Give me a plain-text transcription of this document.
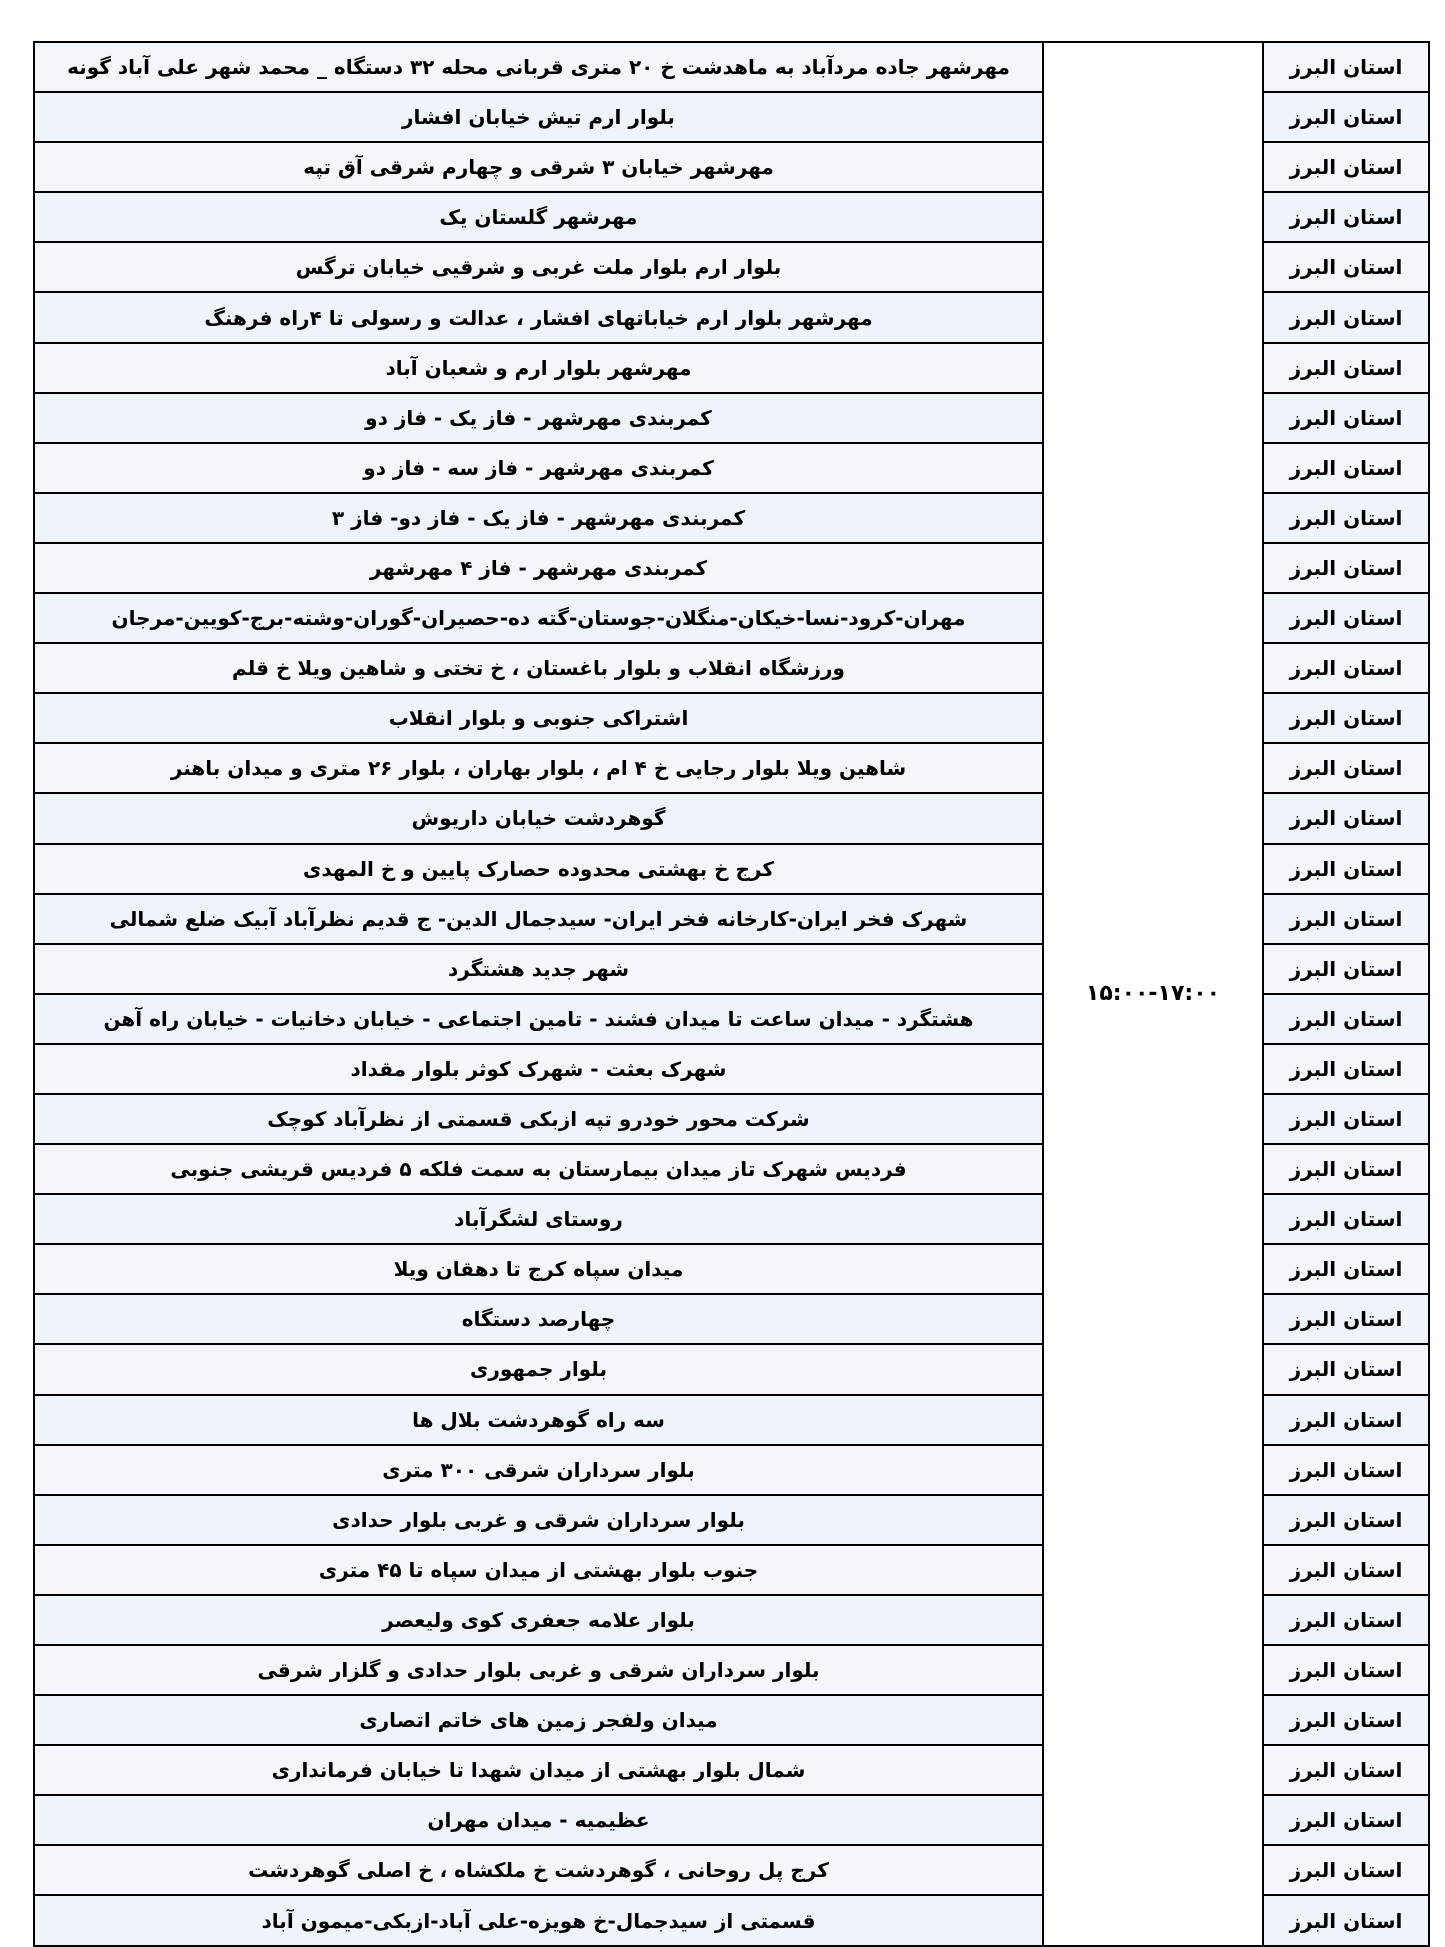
استان البرز	۱۵:۰۰-۱۷:۰۰	مهرشهر جاده مردآباد به ماهدشت خ ۲۰ متری قربانی محله ۳۲ دستگاه _ محمد شهر علی آباد گونه
استان البرز		بلوار ارم تیش خیابان افشار
استان البرز		مهرشهر خیابان ۳ شرقی و چهارم شرقی آق تپه
استان البرز		مهرشهر گلستان یک
استان البرز		بلوار ارم بلوار ملت غربی و شرقیی خیابان ترگس
استان البرز		مهرشهر بلوار ارم خیاباتهای افشار ، عدالت و رسولی تا ۴راه فرهنگ
استان البرز		مهرشهر بلوار ارم و شعبان آباد
استان البرز		کمربندی مهرشهر - فاز یک - فاز دو
استان البرز		کمربندی مهرشهر - فاز سه - فاز دو
استان البرز		کمربندی مهرشهر - فاز یک - فاز دو- فاز ۳
استان البرز		کمربندی مهرشهر - فاز ۴ مهرشهر
استان البرز		مهران-کرود-نسا-خیکان-منگلان-جوستان-گته ده-حصیران-گوران-وشته-برج-کویین-مرجان
استان البرز		ورزشگاه انقلاب و بلوار باغستان ، خ تختی و شاهین ویلا خ قلم
استان البرز		اشتراکی جنوبی و بلوار انقلاب
استان البرز		شاهین ویلا بلوار رجایی خ ۴ ام ، بلوار بهاران ، بلوار ۲۶ متری و میدان باهنر
استان البرز		گوهردشت خیابان داریوش
استان البرز		کرج خ بهشتی محدوده حصارک پایین و خ المهدی
استان البرز		شهرک فخر ایران-کارخانه فخر ایران- سیدجمال الدین- ج قدیم نظرآباد آبیک ضلع شمالی
استان البرز		شهر جدید هشتگرد
استان البرز		هشتگرد - میدان ساعت تا میدان فشند - تامین اجتماعی - خیابان دخانیات - خیابان راه آهن
استان البرز		شهرک بعثت - شهرک کوثر بلوار مقداد
استان البرز		شرکت محور خودرو تپه ازبکی قسمتی از نظرآباد کوچک
استان البرز		فردیس شهرک تاز میدان بیمارستان به سمت فلکه ۵ فردیس قریشی جنوبی
استان البرز		روستای لشگرآباد
استان البرز		میدان سپاه کرج تا دهقان ویلا
استان البرز		چهارصد دستگاه
استان البرز		بلوار جمهوری
استان البرز		سه راه گوهردشت بلال ها
استان البرز		بلوار سرداران شرقی ۳۰۰ متری
استان البرز		بلوار سرداران شرقی و غربی بلوار حدادی
استان البرز		جنوب بلوار بهشتی از میدان سپاه تا ۴۵ متری
استان البرز		بلوار علامه جعفری کوی ولیعصر
استان البرز		بلوار سرداران شرقی و غربی بلوار حدادی و گلزار شرقی
استان البرز		میدان ولفجر زمین های خاتم اتصاری
استان البرز		شمال بلوار بهشتی از میدان شهدا تا خیابان فرمانداری
استان البرز		عظیمیه - میدان مهران
استان البرز		کرج پل روحانی ، گوهردشت خ ملکشاه ، خ اصلی گوهردشت
استان البرز		قسمتی از سیدجمال-خ هویزه-علی آباد-ازبکی-میمون آباد
